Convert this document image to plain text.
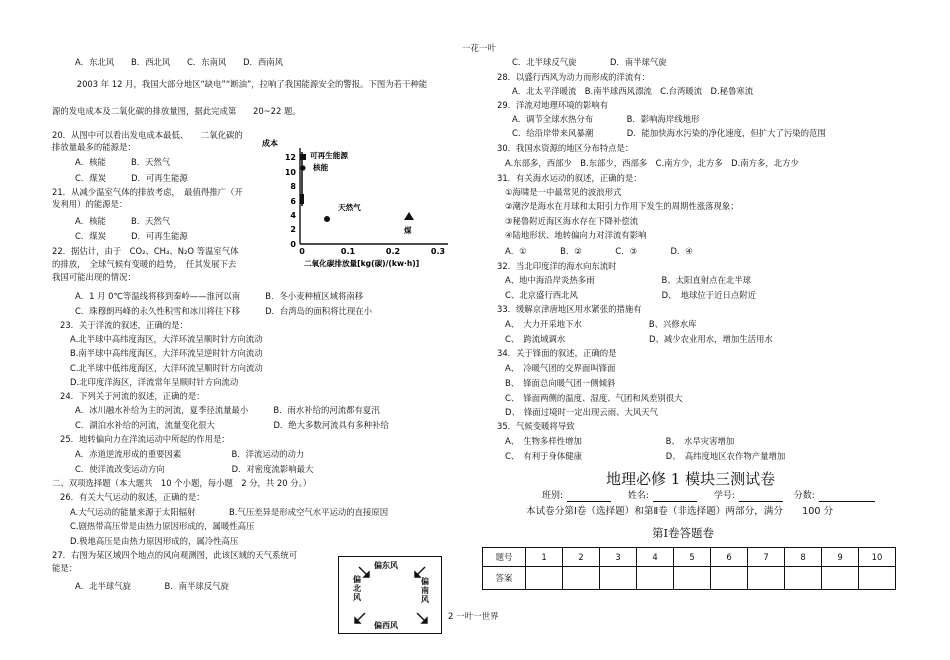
一花一叶
2 一叶一世界
A．东北风　　B．西北风　　C．东南风　　D．西南风
　　2003 年 12 月，我国大部分地区“缺电”“断油”，拉响了我国能源安全的警报。下图为若干种能
源的发电成本及二氧化碳的排放量图，据此完成第　　20~22 题。
20．从图中可以看出发电成本最低、　　二氧化碳的
排放量最多的能源是：
A．核能　　　B．天然气
C．煤炭　　　D．可再生能源
21．从减少温室气体的排放考虑，　最值得推广（开
发利用）的能源是：
A．核能　　　B．天然气
C．煤炭　　　D．可再生能源
22．据估计，由于　CO₂、CH₄、N₂O 等温室气体
的排放，　全球气候有变暖的趋势，　任其发展下去
我国可能出现的情况：
A．1 月 0℃等温线将移到秦岭——淮河以南　　　B．冬小麦种植区域将南移
C．珠穆朗玛峰的永久性积雪和冰川将往下移　　　D．台湾岛的面积将比现在小
23．关于洋流的叙述，正确的是：
A.北半球中高纬度海区，大洋环流呈顺时针方向流动
B.南半球中高纬度海区，大洋环流呈逆时针方向流动
C.北半球中低纬度海区，大洋环流呈顺时针方向流动
D.北印度洋海区，洋流常年呈顺时针方向流动
24．下列关于河流的叙述，正确的是：
A．冰川融水补给为主的河流，夏季径流量最小　　　B．雨水补给的河流都有夏汛
C．湖泊水补给的河流，流量变化很大　　　　　　　D．绝大多数河流具有多种补给
25．地转偏向力在洋流运动中所起的作用是：
A．赤道逆流形成的重要因素　　　　　　B．洋流运动的动力
C．使洋流改变运动方向　　　　　　　　D．对密度流影响最大
二、双项选择题（本大题共　10 个小题，每小题　2 分，共 20 分。）
26．有关大气运动的叙述，正确的是：
A.大气运动的能量来源于太阳辐射　　　　B.气压差异是形成空气水平运动的直接原因
C.剧热带高压带是由热力原因形成的，属暖性高压
D.极地高压是由热力原因形成的，属冷性高压
27．右图为某区域四个地点的风向观测图，此该区域的天气系统可
能是：
A．北半球气旋　　　　B．南半球反气旋
成本
12
10
8
6
4
2
0
0	0.1	0.2	0.3
二氧化碳排放量[kg(碳)/(kw·h)]
可再生能源
核能
天然气
煤
偏东风
偏西风
偏北风
偏南风
C．北半球反气旋　　　　D．南半球气旋
28．以盛行西风为动力而形成的洋流有：
A．北太平洋暖流　B.南半球西风漂流　C.台湾暖流　D.秘鲁寒流
29．洋流对地理环境的影响有
A．调节全球水热分布　　　　B．影响海岸线地形
C．给沿岸带来风暴潮　　　　D．能加快海水污染的净化速度，但扩大了污染的范围
30．我国水资源的地区分布特点是：
A.东部多，西部少　B.东部少，西部多　C.南方少，北方多　D.南方多，北方少
31．有关海水运动的叙述，正确的是：
①海啸是一中最常见的波浪形式
②潮汐是海水在月球和太阳引力作用下发生的周期性涨落现象；
③秘鲁附近海区海水存在下降补偿流
④陆地形状、地转偏向力对洋流有影响
A．①　　　　B．②　　　　C．③　　　　D．④
32．当北印度洋的海水向东流时
A、地中海沿岸炎热多雨　　　　　　　　B、太阳直射点在北半球
C、北京盛行西北风　　　　　　　　　　D、　地球位于近日点附近
33．缓解京津唐地区用水紧张的措施有
A、　大力开采地下水　　　　　　　　B、兴修水库
C、　跨流域调水　　　　　　　　　　D、减少农业用水，增加生活用水
34．关于锋面的叙述，正确的是
A、　冷暖气团的交界面叫锋面
B、　锋面总向暖气团一侧倾斜
C、　锋面两侧的温度、湿度、气团和风差别很大
D、　锋面过境时一定出现云雨、大风天气
35．气候变暖将导致
A、　生物多样性增加　　　　　　　　　　B、　水旱灾害增加
C、　有利于身体健康　　　　　　　　　　D、　高纬度地区农作物产量增加
地理必修 1 模块三测试卷
班别:	姓名:	学号:	分数:
本试卷分第Ⅰ卷（选择题）和第Ⅱ卷（非选择题）两部分，满分　　100 分
第Ⅰ卷答题卷
题号	1	2	3	4	5	6	7	8	9	10
答案										
